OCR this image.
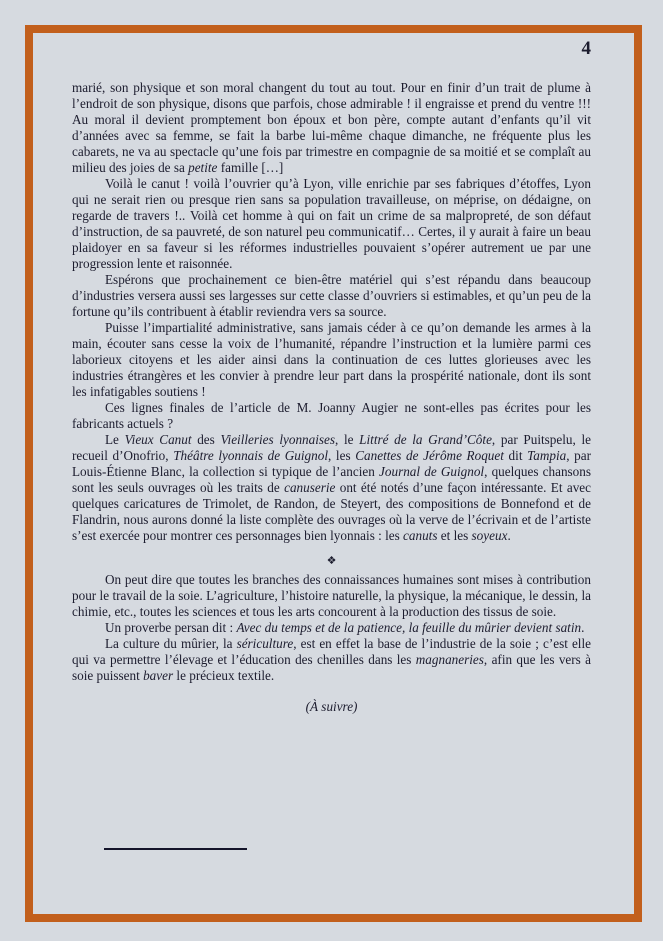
4

marié, son physique et son moral changent du tout au tout. Pour en finir d’un trait de plume à l’endroit de son physique, disons que parfois, chose admirable ! il engraisse et prend du ventre !!! Au moral il devient promptement bon époux et bon père, compte autant d’enfants qu’il vit d’années avec sa femme, se fait la barbe lui-même chaque dimanche, ne fréquente plus les cabarets, ne va au spectacle qu’une fois par trimestre en compagnie de sa moitié et se complaît au milieu des joies de sa petite famille […]

Voilà le canut ! voilà l’ouvrier qu’à Lyon, ville enrichie par ses fabriques d’étoffes, Lyon qui ne serait rien ou presque rien sans sa population travailleuse, on méprise, on dédaigne, on regarde de travers !.. Voilà cet homme à qui on fait un crime de sa malpropreté, de son défaut d’instruction, de sa pauvreté, de son naturel peu communicatif… Certes, il y aurait à faire un beau plaidoyer en sa faveur si les réformes industrielles pouvaient s’opérer autrement ue par une progression lente et raisonnée.

Espérons que prochainement ce bien-être matériel qui s’est répandu dans beaucoup d’industries versera aussi ses largesses sur cette classe d’ouvriers si estimables, et qu’un peu de la fortune qu’ils contribuent à établir reviendra vers sa source.

Puisse l’impartialité administrative, sans jamais céder à ce qu’on demande les armes à la main, écouter sans cesse la voix de l’humanité, répandre l’instruction et la lumière parmi ces laborieux citoyens et les aider ainsi dans la continuation de ces luttes glorieuses avec les industries étrangères et les convier à prendre leur part dans la prospérité nationale, dont ils sont les infatigables soutiens !

Ces lignes finales de l’article de M. Joanny Augier ne sont-elles pas écrites pour les fabricants actuels ?

Le Vieux Canut des Vieilleries lyonnaises, le Littré de la Grand’Côte, par Puitspelu, le recueil d’Onofrio, Théâtre lyonnais de Guignol, les Canettes de Jérôme Roquet dit Tampia, par Louis-Étienne Blanc, la collection si typique de l’ancien Journal de Guignol, quelques chansons sont les seuls ouvrages où les traits de canuserie ont été notés d’une façon intéressante. Et avec quelques caricatures de Trimolet, de Randon, de Steyert, des compositions de Bonnefond et de Flandrin, nous aurons donné la liste complète des ouvrages où la verve de l’écrivain et de l’artiste s’est exercée pour montrer ces personnages bien lyonnais : les canuts et les soyeux.

❖

On peut dire que toutes les branches des connaissances humaines sont mises à contribution pour le travail de la soie. L’agriculture, l’histoire naturelle, la physique, la mécanique, le dessin, la chimie, etc., toutes les sciences et tous les arts concourent à la production des tissus de soie.

Un proverbe persan dit : Avec du temps et de la patience, la feuille du mûrier devient satin.

La culture du mûrier, la sériculture, est en effet la base de l’industrie de la soie ; c’est elle qui va permettre l’élevage et l’éducation des chenilles dans les magnaneries, afin que les vers à soie puissent baver le précieux textile.

(À suivre)
